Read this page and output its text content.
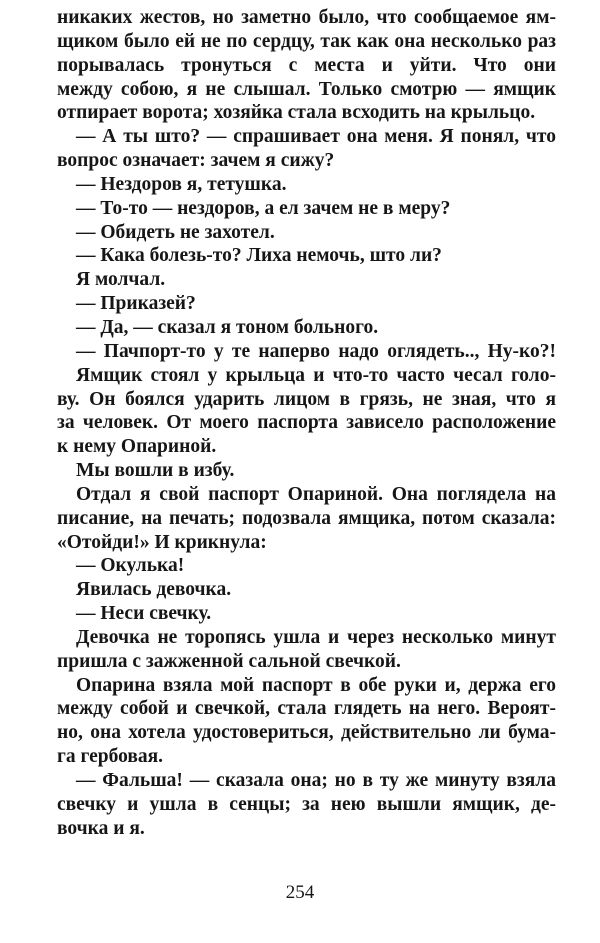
никаких жестов, но заметно было, что сообщаемое ям-
щиком было ей не по сердцу, так как она несколько раз
порывалась тронуться с места и уйти. Что они
между собою, я не слышал. Только смотрю — ямщик
отпирает ворота; хозяйка стала всходить на крыльцо.
— А ты што? — спрашивает она меня. Я понял, что
вопрос означает: зачем я сижу?
— Нездоров я, тетушка.
— То-то — нездоров, а ел зачем не в меру?
— Обидеть не захотел.
— Кака болезь-то? Лиха немочь, што ли?
Я молчал.
— Приказей?
— Да, — сказал я тоном больного.
— Пачпорт-то у те наперво надо оглядеть.., Ну-ко?!
Ямщик стоял у крыльца и что-то часто чесал голо-
ву. Он боялся ударить лицом в грязь, не зная, что я
за человек. От моего паспорта зависело расположение
к нему Опариной.
Мы вошли в избу.
Отдал я свой паспорт Опариной. Она поглядела на
писание, на печать; подозвала ямщика, потом сказала:
«Отойди!» И крикнула:
— Окулька!
Явилась девочка.
— Неси свечку.
Девочка не торопясь ушла и через несколько минут
пришла с зажженной сальной свечкой.
Опарина взяла мой паспорт в обе руки и, держа его
между собой и свечкой, стала глядеть на него. Вероят-
но, она хотела удостовериться, действительно ли бума-
га гербовая.
— Фальша! — сказала она; но в ту же минуту взяла
свечку и ушла в сенцы; за нею вышли ямщик, де-
вочка и я.
254
